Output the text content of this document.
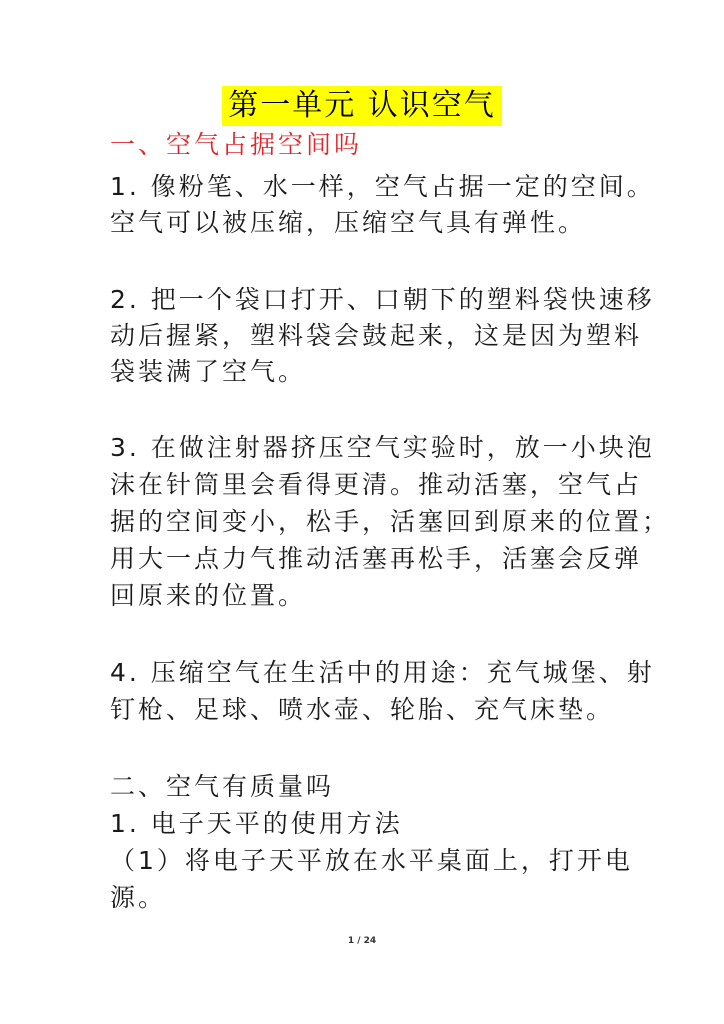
第一单元 认识空气
一、空气占据空间吗
1. 像粉笔、水一样，空气占据一定的空间。
空气可以被压缩，压缩空气具有弹性。
2. 把一个袋口打开、口朝下的塑料袋快速移
动后握紧，塑料袋会鼓起来，这是因为塑料
袋装满了空气。
3. 在做注射器挤压空气实验时，放一小块泡
沫在针筒里会看得更清。推动活塞，空气占
据的空间变小，松手，活塞回到原来的位置；
用大一点力气推动活塞再松手，活塞会反弹
回原来的位置。
4. 压缩空气在生活中的用途：充气城堡、射
钉枪、足球、喷水壶、轮胎、充气床垫。
二、空气有质量吗
1. 电子天平的使用方法
（1）将电子天平放在水平桌面上，打开电
源。
1 / 24
